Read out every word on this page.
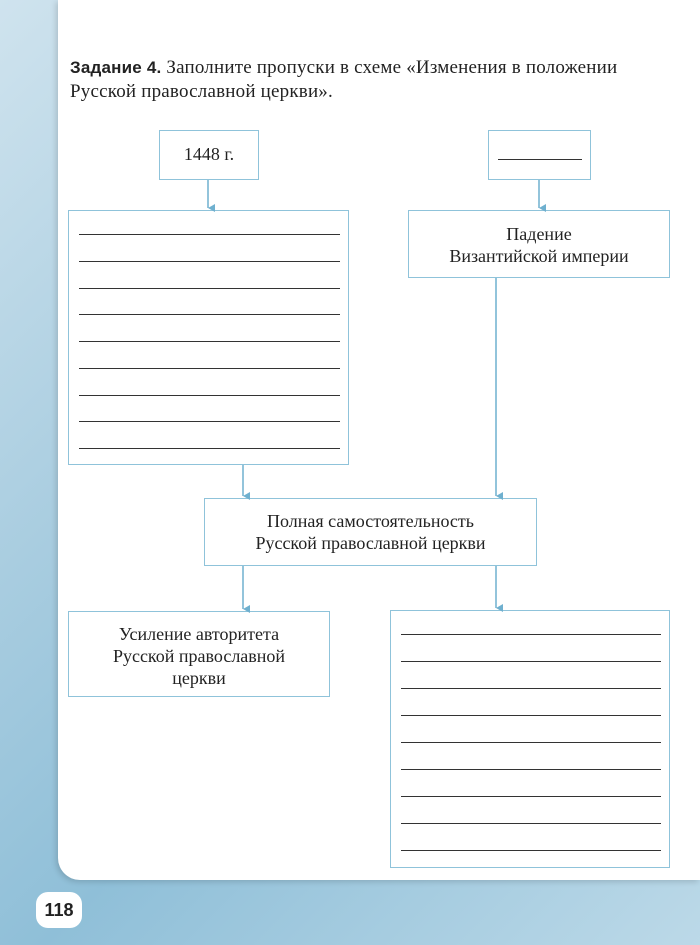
Задание 4. Заполните пропуски в схеме «Изменения в положении Русской православной церкви».
1448 г.
Падение
Византийской империи
Полная самостоятельность
Русской православной церкви
Усиление авторитета
Русской православной
церкви
118
